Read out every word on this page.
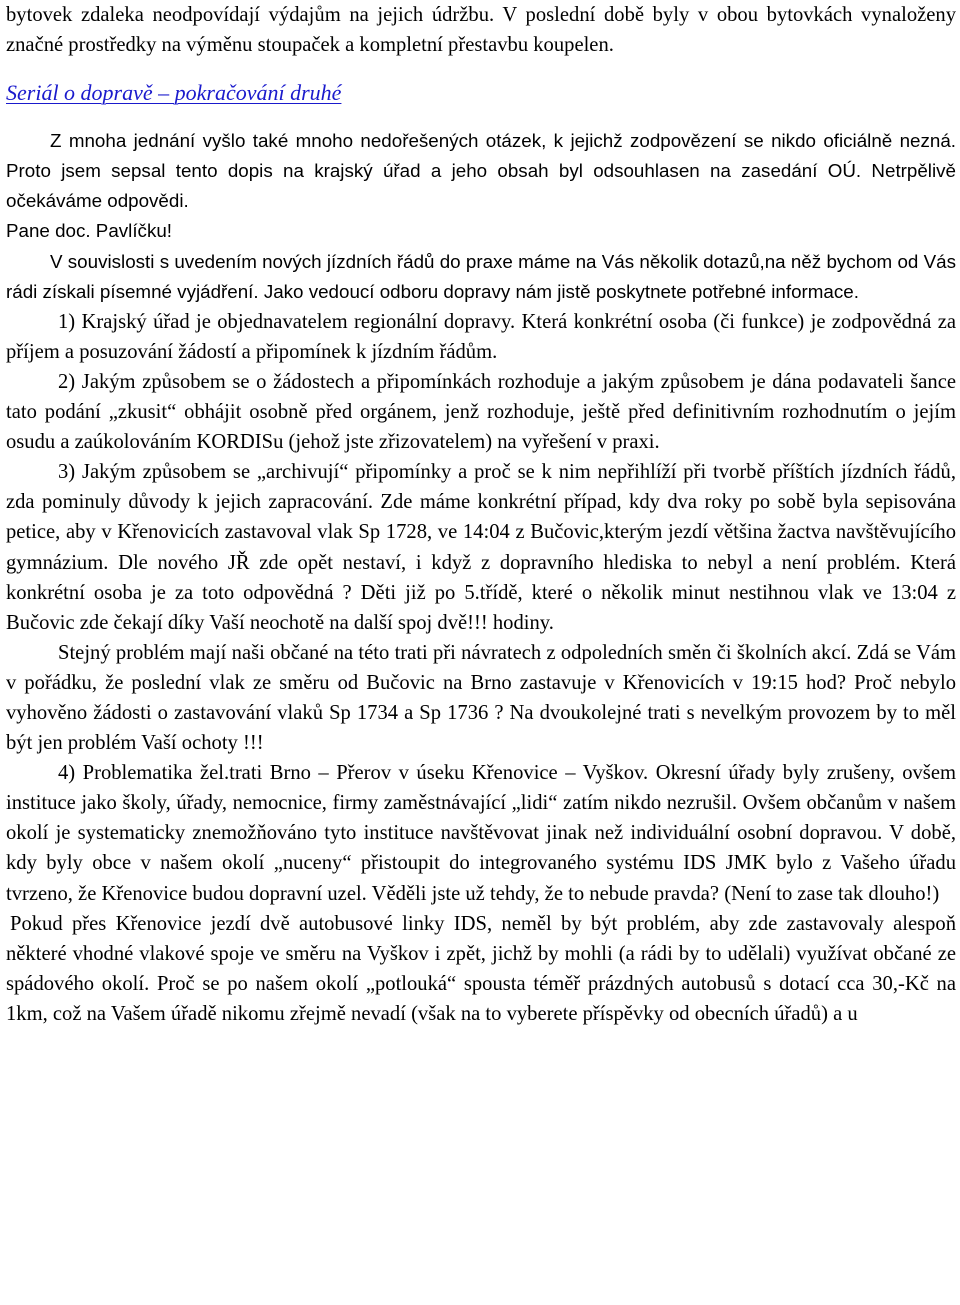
bytovek zdaleka neodpovídají výdajům na jejich údržbu. V poslední době byly v obou bytovkách vynaloženy značné prostředky na výměnu stoupaček a kompletní přestavbu koupelen.

Seriál o dopravě – pokračování druhé

Z mnoha jednání vyšlo také mnoho nedořešených otázek, k jejichž zodpovězení se nikdo oficiálně nezná. Proto jsem sepsal tento dopis na krajský úřad a jeho obsah byl odsouhlasen na zasedání OÚ. Netrpělivě očekáváme odpovědi.

Pane doc. Pavlíčku!

V souvislosti s uvedením nových jízdních řádů do praxe máme na Vás několik dotazů,na něž bychom od Vás rádi získali písemné vyjádření. Jako vedoucí odboru dopravy nám jistě poskytnete potřebné informace.

1) Krajský úřad je objednavatelem regionální dopravy. Která konkrétní osoba (či funkce) je zodpovědná za příjem a posuzování žádostí a připomínek k jízdním řádům.

2) Jakým způsobem se o žádostech a připomínkách rozhoduje a jakým způsobem je dána podavateli šance tato podání „zkusit“ obhájit osobně před orgánem, jenž rozhoduje, ještě před definitivním rozhodnutím o jejím osudu a zaúkolováním KORDISu (jehož jste zřizovatelem) na vyřešení v praxi.

3) Jakým způsobem se „archivují“ připomínky a proč se k nim nepřihlíží při tvorbě příštích jízdních řádů, zda pominuly důvody k jejich zapracování. Zde máme konkrétní případ, kdy dva roky po sobě byla sepisována petice, aby v Křenovicích zastavoval vlak Sp 1728, ve 14:04 z Bučovic,kterým jezdí většina žactva navštěvujícího gymnázium. Dle nového JŘ zde opět nestaví, i když z dopravního hlediska to nebyl a není problém. Která konkrétní osoba je za toto odpovědná ? Děti již po 5.třídě, které o několik minut nestihnou vlak ve 13:04 z Bučovic zde čekají díky Vaší neochotě na další spoj dvě!!! hodiny.

Stejný problém mají naši občané na této trati při návratech z odpoledních směn či školních akcí. Zdá se Vám v pořádku, že poslední vlak ze směru od Bučovic na Brno zastavuje v Křenovicích v 19:15 hod? Proč nebylo vyhověno žádosti o zastavování vlaků Sp 1734 a Sp 1736 ? Na dvoukolejné trati s nevelkým provozem by to měl být jen problém Vaší ochoty !!!

4) Problematika žel.trati Brno – Přerov v úseku Křenovice – Vyškov. Okresní úřady byly zrušeny, ovšem instituce jako školy, úřady, nemocnice, firmy zaměstnávající „lidi“ zatím nikdo nezrušil. Ovšem občanům v našem okolí je systematicky znemožňováno tyto instituce navštěvovat jinak než individuální osobní dopravou. V době, kdy byly obce v našem okolí „nuceny“ přistoupit do integrovaného systému IDS JMK bylo z Vašeho úřadu tvrzeno, že Křenovice budou dopravní uzel. Věděli jste už tehdy, že to nebude pravda? (Není to zase tak dlouho!)

Pokud přes Křenovice jezdí dvě autobusové linky IDS, neměl by být problém, aby zde zastavovaly alespoň některé vhodné vlakové spoje ve směru na Vyškov i zpět, jichž by mohli (a rádi by to udělali) využívat občané ze spádového okolí. Proč se po našem okolí „potlouká“ spousta téměř prázdných autobusů s dotací cca 30,-Kč na 1km, což na Vašem úřadě nikomu zřejmě nevadí (však na to vyberete příspěvky od obecních úřadů) a u
